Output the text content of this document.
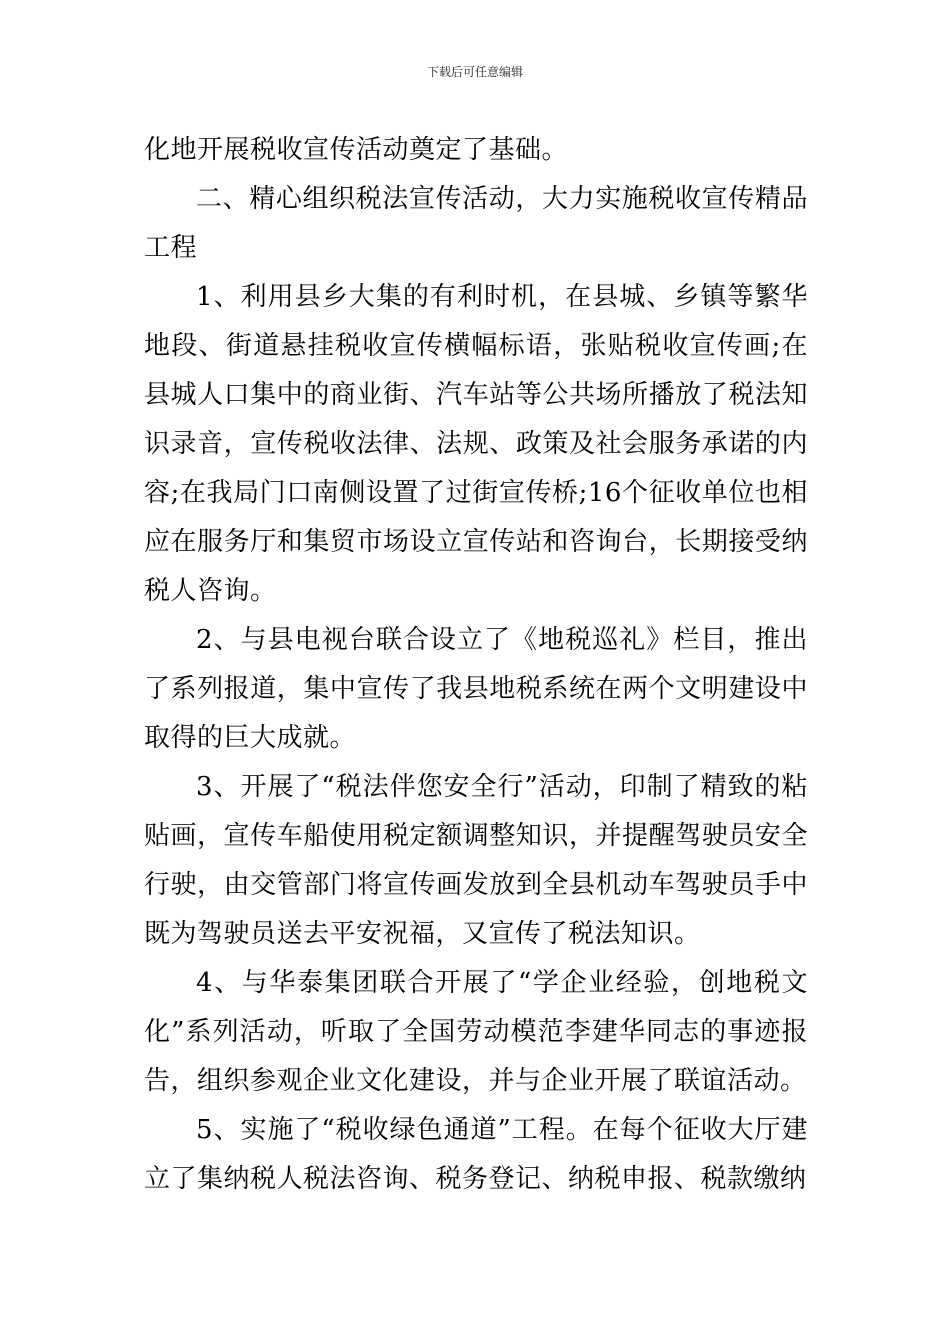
下载后可任意编辑

化地开展税收宣传活动奠定了基础。

二、精心组织税法宣传活动，大力实施税收宣传精品工程

1、利用县乡大集的有利时机，在县城、乡镇等繁华地段、街道悬挂税收宣传横幅标语，张贴税收宣传画;在县城人口集中的商业街、汽车站等公共场所播放了税法知识录音，宣传税收法律、法规、政策及社会服务承诺的内容;在我局门口南侧设置了过街宣传桥;16个征收单位也相应在服务厅和集贸市场设立宣传站和咨询台，长期接受纳税人咨询。

2、与县电视台联合设立了《地税巡礼》栏目，推出了系列报道，集中宣传了我县地税系统在两个文明建设中取得的巨大成就。

3、开展了“税法伴您安全行”活动，印制了精致的粘贴画，宣传车船使用税定额调整知识，并提醒驾驶员安全行驶，由交管部门将宣传画发放到全县机动车驾驶员手中既为驾驶员送去平安祝福，又宣传了税法知识。

4、与华泰集团联合开展了“学企业经验，创地税文化”系列活动，听取了全国劳动模范李建华同志的事迹报告，组织参观企业文化建设，并与企业开展了联谊活动。

5、实施了“税收绿色通道”工程。在每个征收大厅建立了集纳税人税法咨询、税务登记、纳税申报、税款缴纳
